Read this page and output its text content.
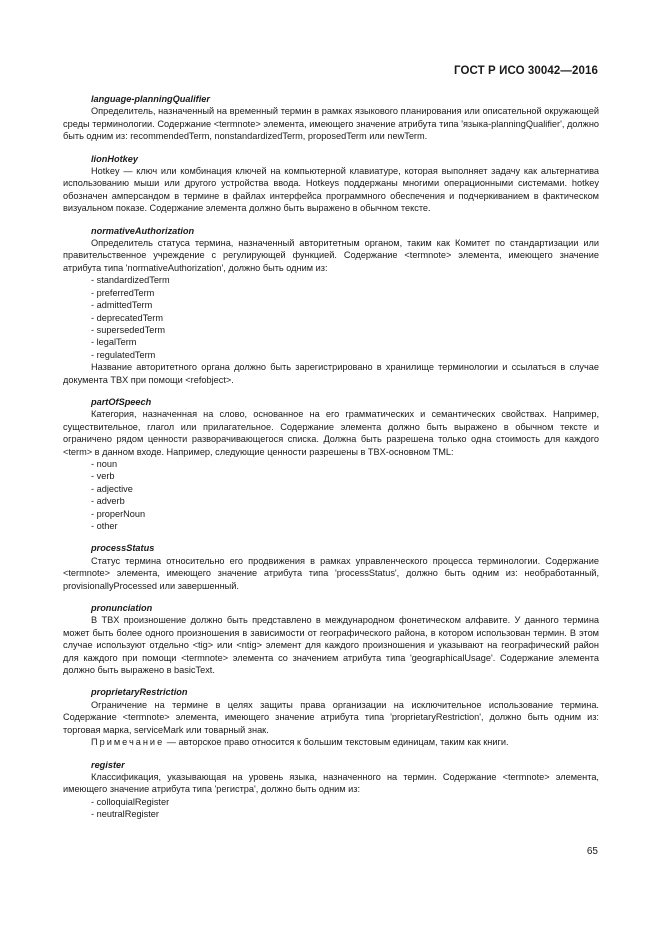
ГОСТ Р ИСО 30042—2016
language-planningQualifier

Определитель, назначенный на временный термин в рамках языкового планирования или описательной окружающей среды терминологии. Содержание <termnote> элемента, имеющего значение атрибута типа 'языка-planningQualifier', должно быть одним из: recommendedTerm, nonstandardizedTerm, proposedTerm или newTerm.

lionHotkey

Hotkey — ключ или комбинация ключей на компьютерной клавиатуре, которая выполняет задачу как альтернатива использованию мыши или другого устройства ввода. Hotkeys поддержаны многими операционными системами. hotkey обозначен амперсандом в термине в файлах интерфейса программного обеспечения и подчеркиванием в фактическом визуальном показе. Содержание элемента должно быть выражено в обычном тексте.

normativeAuthorization

Определитель статуса термина, назначенный авторитетным органом, таким как Комитет по стандартизации или правительственное учреждение с регулирующей функцией. Содержание <termnote> элемента, имеющего значение атрибута типа 'normativeAuthorization', должно быть одним из:

- standardizedTerm
- preferredTerm
- admittedTerm
- deprecatedTerm
- supersededTerm
- legalTerm
- regulatedTerm

Название авторитетного органа должно быть зарегистрировано в хранилище терминологии и ссылаться в случае документа TBX при помощи <refobject>.

partOfSpeech

Категория, назначенная на слово, основанное на его грамматических и семантических свойствах. Например, существительное, глагол или прилагательное. Содержание элемента должно быть выражено в обычном тексте и ограничено рядом ценности разворачивающегося списка. Должна быть разрешена только одна стоимость для каждого <term> в данном входе. Например, следующие ценности разрешены в TBX-основном TML:

- noun
- verb
- adjective
- adverb
- properNoun
- other
processStatus

Статус термина относительно его продвижения в рамках управленческого процесса терминологии. Содержание <termnote> элемента, имеющего значение атрибута типа 'processStatus', должно быть одним из: необработанный, provisionallyProcessed или завершенный.

pronunciation

В TBX произношение должно быть представлено в международном фонетическом алфавите. У данного термина может быть более одного произношения в зависимости от географического района, в котором использован термин. В этом случае используют отдельно <tig> или <ntig> элемент для каждого произношения и указывают на географический район для каждого при помощи <termnote> элемента со значением атрибута типа 'geographicalUsage'. Содержание элемента должно быть выражено в basicText.

proprietaryRestriction

Ограничение на термине в целях защиты права организации на исключительное использование термина. Содержание <termnote> элемента, имеющего значение атрибута типа 'proprietaryRestriction', должно быть одним из: торговая марка, serviceMark или товарный знак.

Примечание — авторское право относится к большим текстовым единицам, таким как книги.

register

Классификация, указывающая на уровень языка, назначенного на термин. Содержание <termnote> элемента, имеющего значение атрибута типа 'регистра', должно быть одним из:

- colloquialRegister
- neutralRegister
65
